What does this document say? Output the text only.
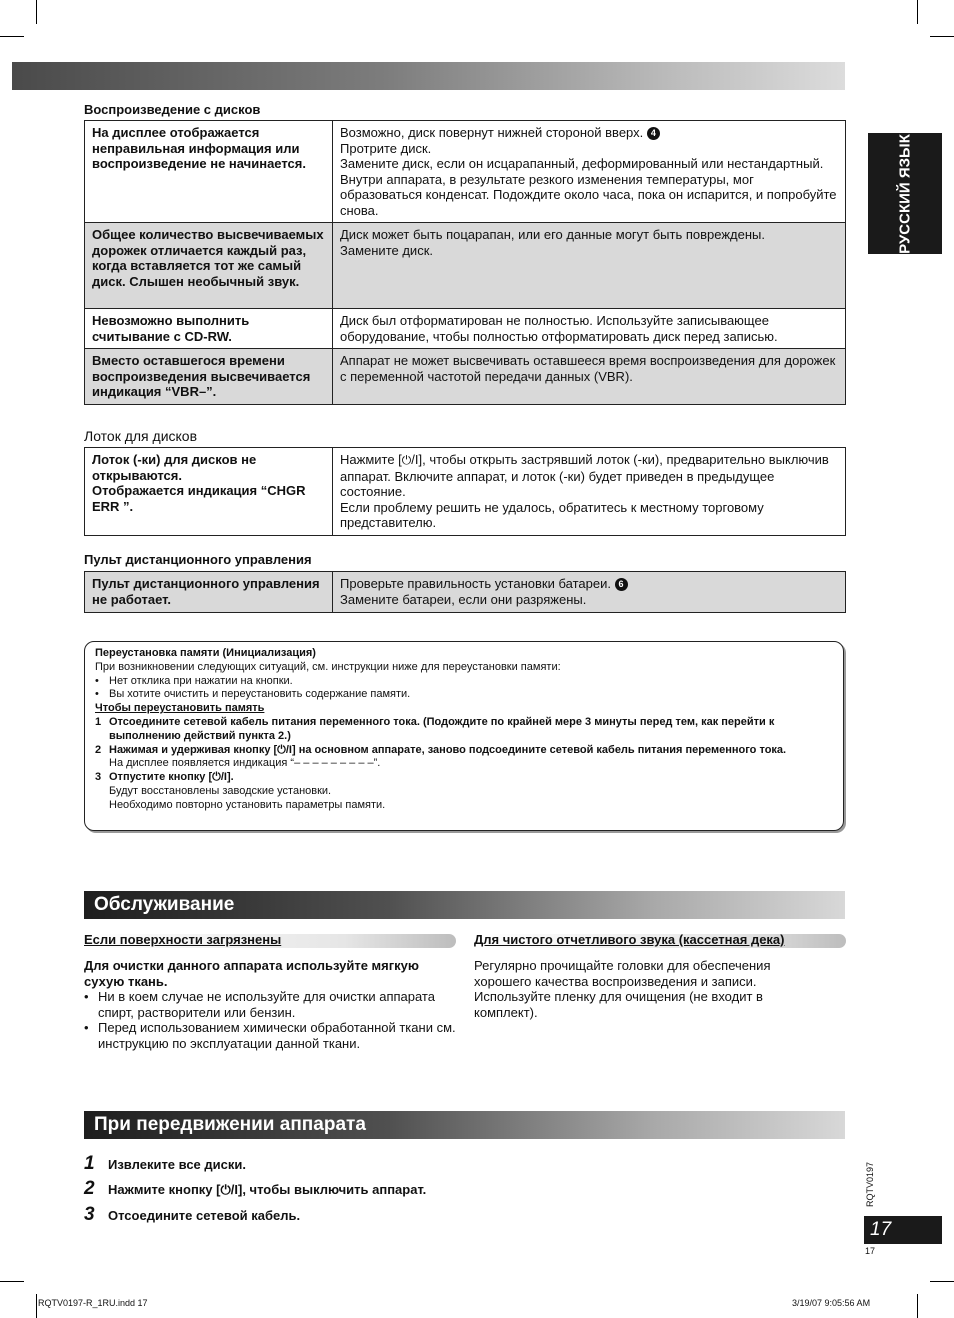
РУССКИЙ ЯЗЫК
Воспроизведение с дисков
На дисплее отображается неправильная информация или воспроизведение не начинается.	Возможно, диск повернут нижней стороной вверх. 4
Протрите диск.
Замените диск, если он исцарапанный, деформированный или нестандартный. Внутри аппарата, в результате резкого изменения температуры, мог образоваться конденсат. Подождите около часа, пока он испарится, и попробуйте снова.
Общее количество высвечиваемых дорожек отличается каждый раз, когда вставляется тот же самый диск. Слышен необычный звук.	Диск может быть поцарапан, или его данные могут быть повреждены.
Замените диск.
Невозможно выполнить считывание с CD-RW.	Диск был отформатирован не полностью. Используйте записывающее оборудование, чтобы полностью отформатировать диск перед записью.
Вместо оставшегося времени воспроизведения высвечивается индикация “VBR–”.	Аппарат не может высвечивать оставшееся время воспроизведения для дорожек с переменной частотой передачи данных (VBR).
Лоток для дисков
Лоток (-ки) для дисков не открываются.
Отображается индикация “CHGR ERR ”.	Нажмите [⏻/I], чтобы открыть застрявший лоток (-ки), предварительно выключив аппарат. Включите аппарат, и лоток (-ки) будет приведен в предыдущее состояние.
Если проблему решить не удалось, обратитесь к местному торговому представителю.
Пульт дистанционного управления
Пульт дистанционного управления не работает.	Проверьте правильность установки батареи. 6
Замените батареи, если они разряжены.
Переустановка памяти (Инициализация)
При возникновении следующих ситуаций, см. инструкции ниже для переустановки памяти:
• Нет отклика при нажатии на кнопки.
• Вы хотите очистить и переустановить содержание памяти.
Чтобы переустановить память
1 Отсоедините сетевой кабель питания переменного тока. (Подождите по крайней мере 3 минуты перед тем, как перейти к выполнению действий пункта 2.)
2 Нажимая и удерживая кнопку [⏻/I] на основном аппарате, заново подсоедините сетевой кабель питания переменного тока.
На дисплее появляется индикация “– – – – – – – – –”.
3 Отпустите кнопку [⏻/I].
Будут восстановлены заводские установки.
Необходимо повторно установить параметры памяти.
Обслуживание
Если поверхности загрязнены
Для очистки данного аппарата используйте мягкую сухую ткань.
• Ни в коем случае не используйте для очистки аппарата спирт, растворители или бензин.
• Перед использованием химически обработанной ткани см. инструкцию по эксплуатации данной ткани.
Для чистого отчетливого звука (кассетная дека)
Регулярно прочищайте головки для обеспечения хорошего качества воспроизведения и записи. Используйте пленку для очищения (не входит в комплект).
При передвижении аппарата
1 Извлеките все диски.
2 Нажмите кнопку [⏻/I], чтобы выключить аппарат.
3 Отсоедините сетевой кабель.
RQTV0197
17
17
RQTV0197-R_1RU.indd 17	3/19/07 9:05:56 AM
